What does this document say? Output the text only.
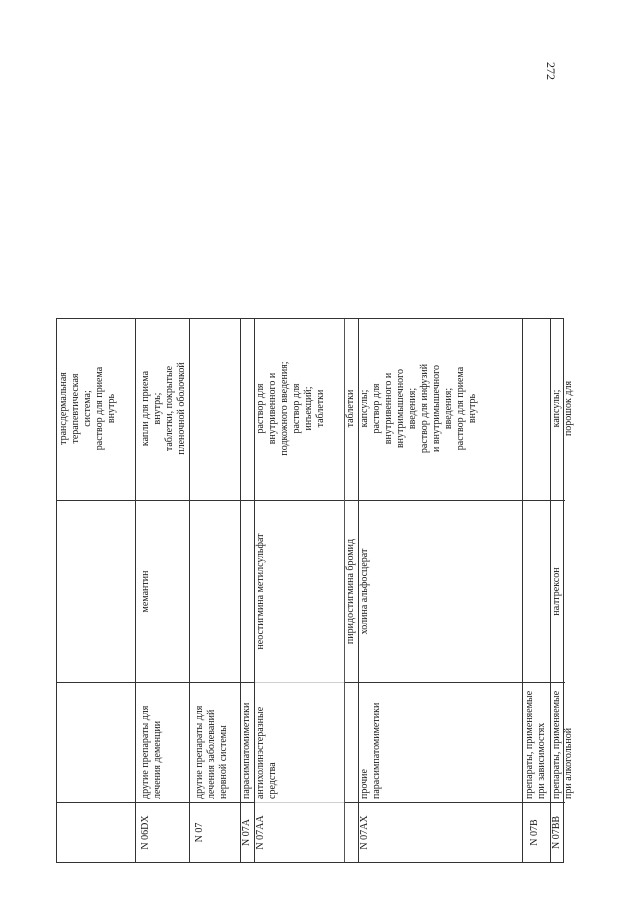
272
трансдермальная терапевтическая система; раствор для приема внутрь
N 06DX
другие препараты для лечения деменции
мемантин
капли для приема внутрь; таблетки, покрытые пленочной оболочкой
N 07
другие препараты для лечения заболеваний нервной системы
N 07A
парасимпатомиметики
N 07AA
антихолинэстеразные средства
неостигмина метилсульфат
раствор для внутривенного и подкожного введения; раствор для инъекций; таблетки
пиридостигмина бромид
таблетки
N 07AX
прочие парасимпатомиметики
холина альфосцерат
капсулы; раствор для внутривенного и внутримышечного введения; раствор для инфузий и внутримышечного введения; раствор для приема внутрь
N 07B
препараты, применяемые при зависимостях
N 07BB
препараты, применяемые при алкогольной
налтрексон
капсулы; порошок для
